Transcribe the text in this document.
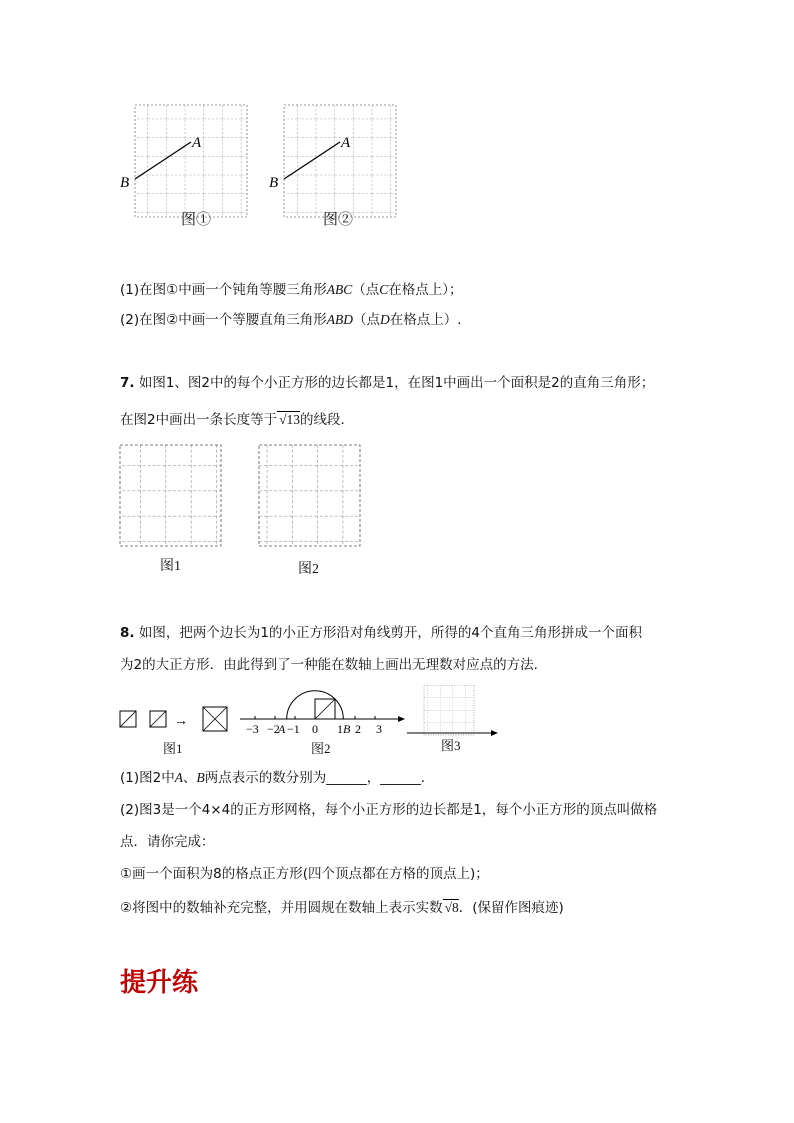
A
B
A
B
图①	图②
(1)在图①中画一个钝角等腰三角形ABC（点C在格点上）；
(2)在图②中画一个等腰直角三角形ABD（点D在格点上）.
7. 如图1、图2中的每个小正方形的边长都是1，在图1中画出一个面积是2的直角三角形；
在图2中画出一条长度等于 √13的线段．
图1	图2
8. 如图，把两个边长为1的小正方形沿对角线剪开，所得的4个直角三角形拼成一个面积
为2的大正方形．由此得到了一种能在数轴上画出无理数对应点的方法．
→	−3 −2
A −1 0 1 B 2 3
图1	图2	图3
(1)图2中A、B两点表示的数分别为______，______．
(2)图3是一个4×4的正方形网格，每个小正方形的边长都是1，每个小正方形的顶点叫做格
点．请你完成：
①画一个面积为8的格点正方形(四个顶点都在方格的顶点上)；
②将图中的数轴补充完整，并用圆规在数轴上表示实数 √8．(保留作图痕迹)
提升练
